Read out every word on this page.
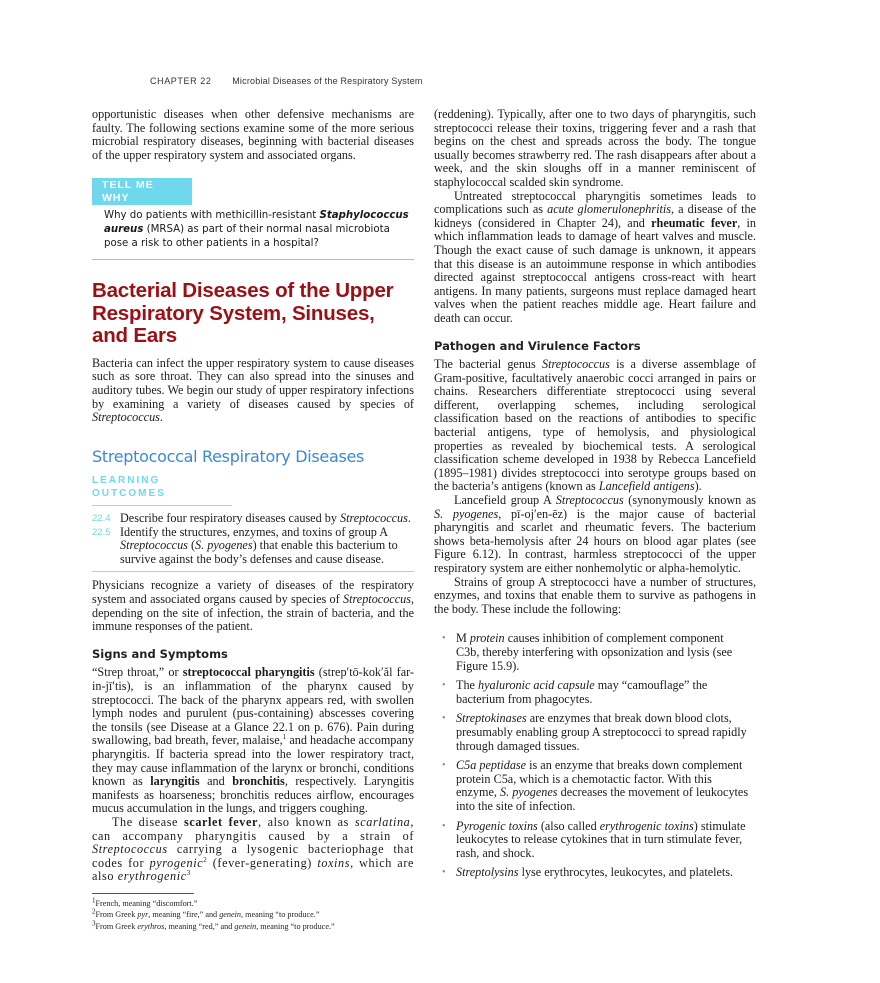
CHAPTER 22 Microbial Diseases of the Respiratory System

opportunistic diseases when other defensive mechanisms are faulty. The following sections examine some of the more serious microbial respiratory diseases, beginning with bacterial diseases of the upper respiratory system and associated organs.

TELL ME WHY
Why do patients with methicillin-resistant Staphylococcus aureus (MRSA) as part of their normal nasal microbiota pose a risk to other patients in a hospital?
Bacterial Diseases of the Upper Respiratory System, Sinuses, and Ears

Bacteria can infect the upper respiratory system to cause diseases such as sore throat. They can also spread into the sinuses and auditory tubes. We begin our study of upper respiratory infections by examining a variety of diseases caused by species of Streptococcus.

Streptococcal Respiratory Diseases
LEARNING OUTCOMES
22.4 Describe four respiratory diseases caused by Streptococcus.
22.5 Identify the structures, enzymes, and toxins of group A Streptococcus (S. pyogenes) that enable this bacterium to survive against the body’s defenses and cause disease.

Physicians recognize a variety of diseases of the respiratory system and associated organs caused by species of Streptococcus, depending on the site of infection, the strain of bacteria, and the immune responses of the patient.

Signs and Symptoms

“Strep throat,” or streptococcal pharyngitis (strep′tō-kok′ăl far-in-jī′tis), is an inflammation of the pharynx caused by streptococci. The back of the pharynx appears red, with swollen lymph nodes and purulent (pus-containing) abscesses covering the tonsils (see Disease at a Glance 22.1 on p. 676). Pain during swallowing, bad breath, fever, malaise,$^1$ and headache accompany pharyngitis. If bacteria spread into the lower respiratory tract, they may cause inflammation of the larynx or bronchi, conditions known as laryngitis and bronchitis, respectively. Laryngitis manifests as hoarseness; bronchitis reduces airflow, encourages mucus accumulation in the lungs, and triggers coughing.

The disease scarlet fever, also known as scarlatina, can accompany pharyngitis caused by a strain of Streptococcus carrying a lysogenic bacteriophage that codes for pyrogenic$^2$ (fever-generating) toxins, which are also erythrogenic$^3$

$^1$French, meaning “discomfort.”
$^2$From Greek pyr, meaning “fire,” and genein, meaning “to produce.”
$^3$From Greek erythros, meaning “red,” and genein, meaning “to produce.”

(reddening). Typically, after one to two days of pharyngitis, such streptococci release their toxins, triggering fever and a rash that begins on the chest and spreads across the body. The tongue usually becomes strawberry red. The rash disappears after about a week, and the skin sloughs off in a manner reminiscent of staphylococcal scalded skin syndrome.

Untreated streptococcal pharyngitis sometimes leads to complications such as acute glomerulonephritis, a disease of the kidneys (considered in Chapter 24), and rheumatic fever, in which inflammation leads to damage of heart valves and muscle. Though the exact cause of such damage is unknown, it appears that this disease is an autoimmune response in which antibodies directed against streptococcal antigens cross-react with heart antigens. In many patients, surgeons must replace damaged heart valves when the patient reaches middle age. Heart failure and death can occur.

Pathogen and Virulence Factors

The bacterial genus Streptococcus is a diverse assemblage of Gram-positive, facultatively anaerobic cocci arranged in pairs or chains. Researchers differentiate streptococci using several different, overlapping schemes, including serological classification based on the reactions of antibodies to specific bacterial antigens, type of hemolysis, and physiological properties as revealed by biochemical tests. A serological classification scheme developed in 1938 by Rebecca Lancefield (1895–1981) divides streptococci into serotype groups based on the bacteria’s antigens (known as Lancefield antigens).

Lancefield group A Streptococcus (synonymously known as S. pyogenes, pī-oj′en-ēz) is the major cause of bacterial pharyngitis and scarlet and rheumatic fevers. The bacterium shows beta-hemolysis after 24 hours on blood agar plates (see Figure 6.12). In contrast, harmless streptococci of the upper respiratory system are either nonhemolytic or alpha-hemolytic.

Strains of group A streptococci have a number of structures, enzymes, and toxins that enable them to survive as pathogens in the body. These include the following:

• M protein causes inhibition of complement component C3b, thereby interfering with opsonization and lysis (see Figure 15.9).
• The hyaluronic acid capsule may “camouflage” the bacterium from phagocytes.
• Streptokinases are enzymes that break down blood clots, presumably enabling group A streptococci to spread rapidly through damaged tissues.
• C5a peptidase is an enzyme that breaks down complement protein C5a, which is a chemotactic factor. With this enzyme, S. pyogenes decreases the movement of leukocytes into the site of infection.
• Pyrogenic toxins (also called erythrogenic toxins) stimulate leukocytes to release cytokines that in turn stimulate fever, rash, and shock.
• Streptolysins lyse erythrocytes, leukocytes, and platelets.
